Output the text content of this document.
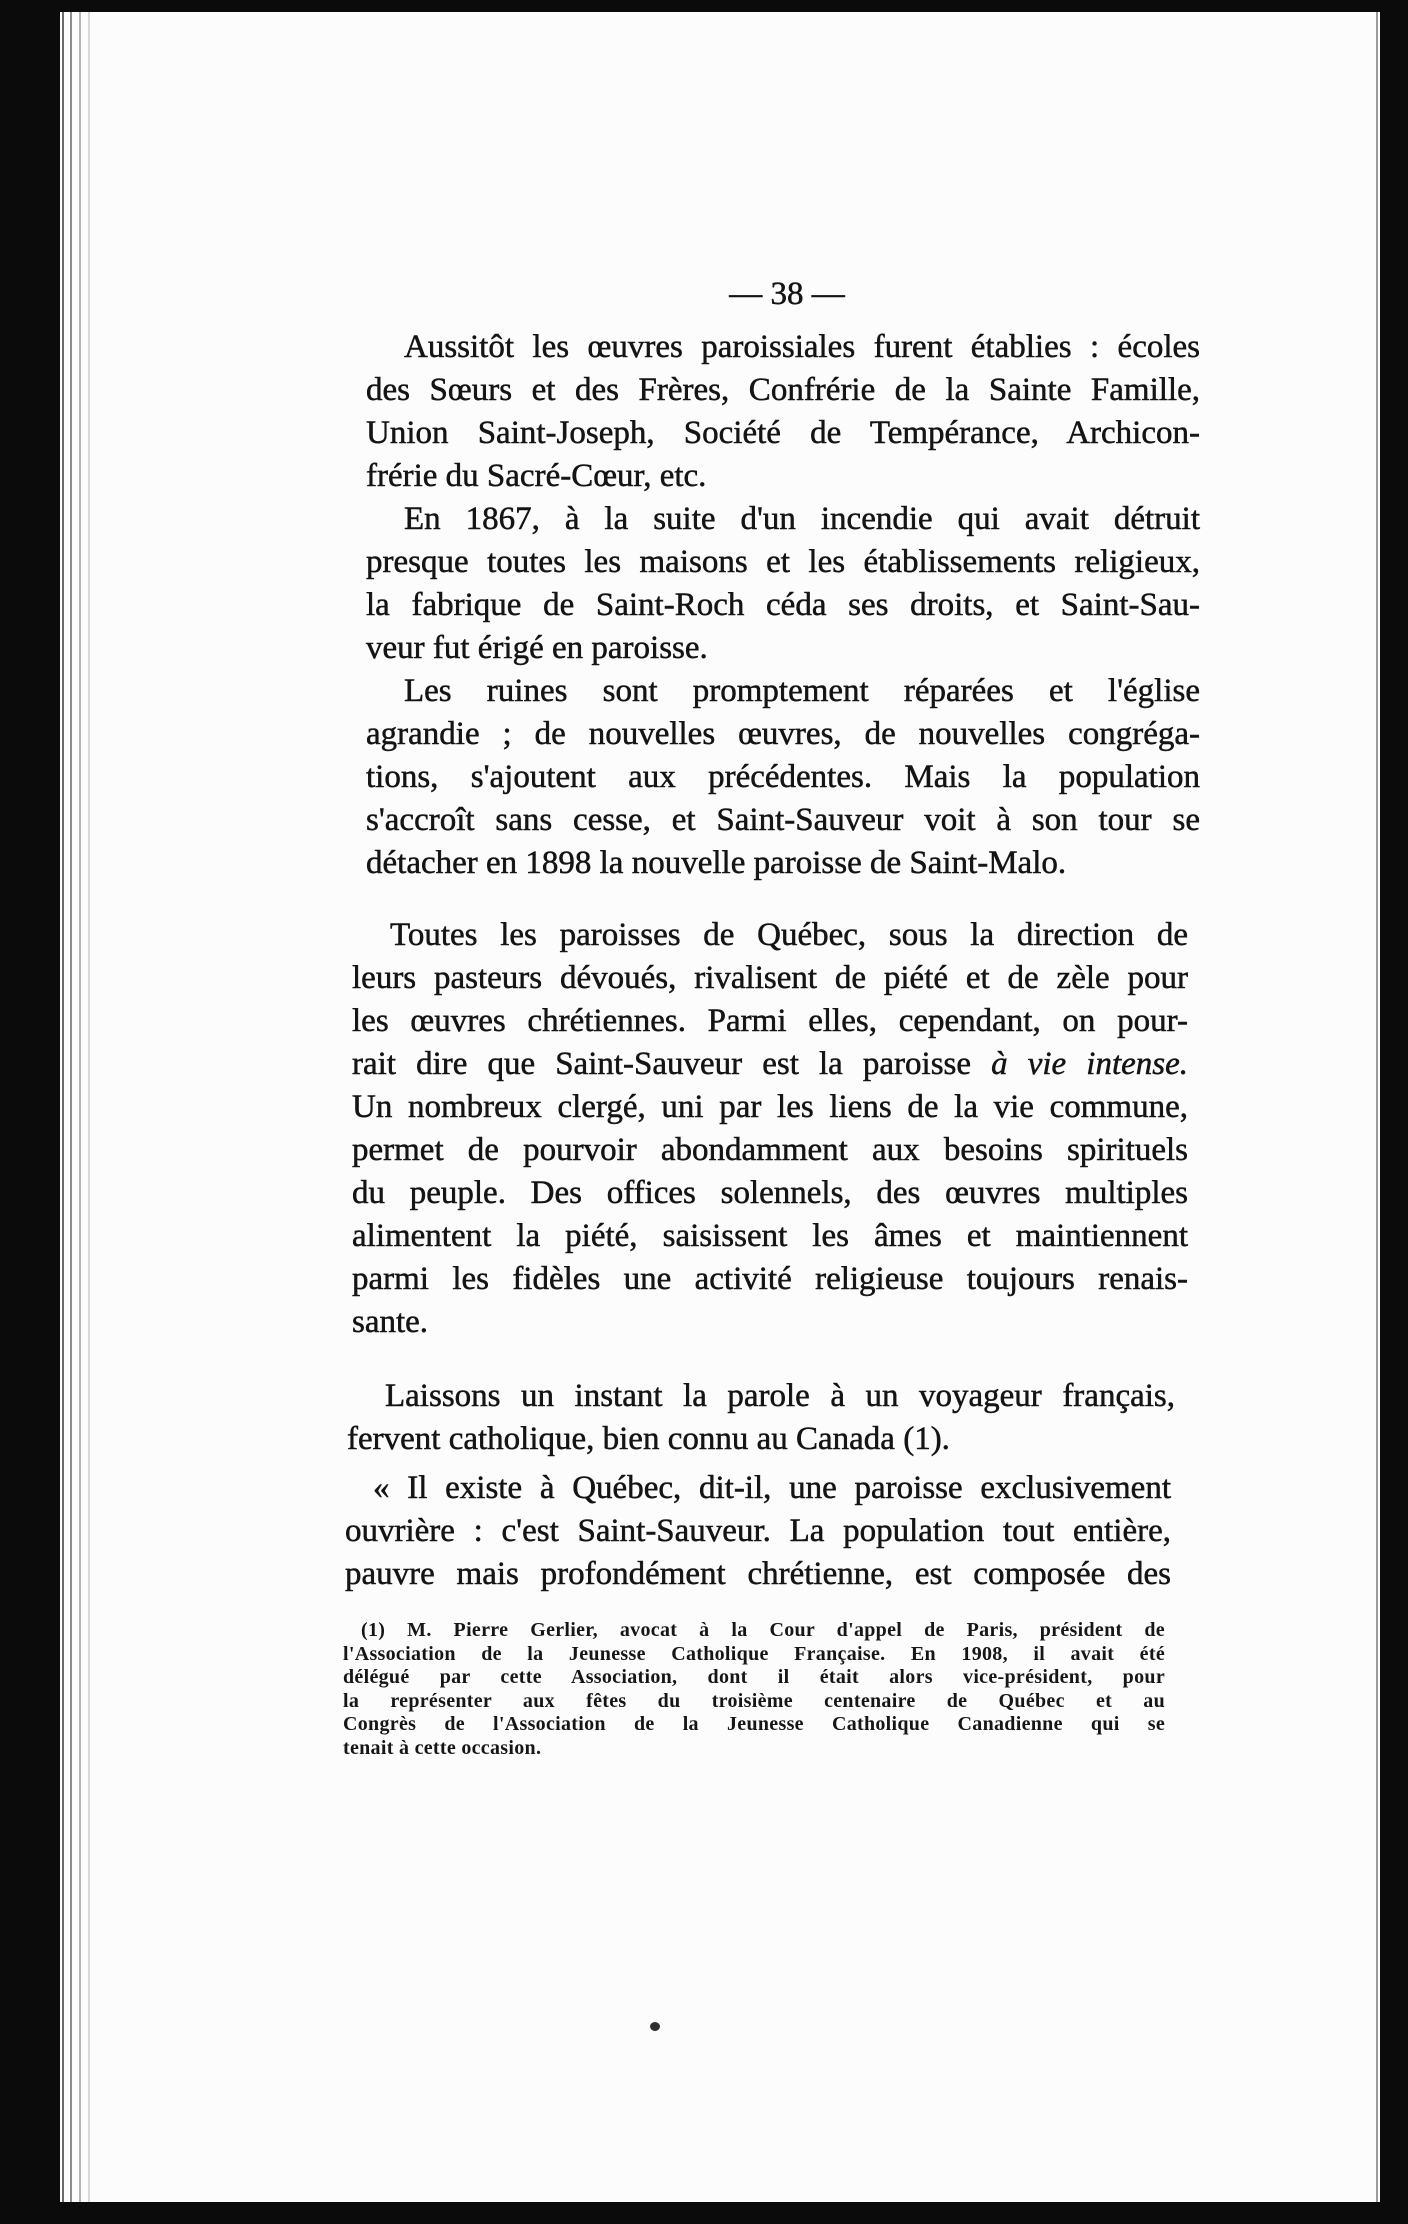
— 38 —
Aussitôt les œuvres paroissiales furent établies : écoles
des Sœurs et des Frères, Confrérie de la Sainte Famille,
Union Saint-Joseph, Société de Tempérance, Archicon-
frérie du Sacré-Cœur, etc.
En 1867, à la suite d'un incendie qui avait détruit
presque toutes les maisons et les établissements religieux,
la fabrique de Saint-Roch céda ses droits, et Saint-Sau-
veur fut érigé en paroisse.
Les ruines sont promptement réparées et l'église
agrandie ; de nouvelles œuvres, de nouvelles congréga-
tions, s'ajoutent aux précédentes. Mais la population
s'accroît sans cesse, et Saint-Sauveur voit à son tour se
détacher en 1898 la nouvelle paroisse de Saint-Malo.
Toutes les paroisses de Québec, sous la direction de
leurs pasteurs dévoués, rivalisent de piété et de zèle pour
les œuvres chrétiennes. Parmi elles, cependant, on pour-
rait dire que Saint-Sauveur est la paroisse à vie intense.
Un nombreux clergé, uni par les liens de la vie commune,
permet de pourvoir abondamment aux besoins spirituels
du peuple. Des offices solennels, des œuvres multiples
alimentent la piété, saisissent les âmes et maintiennent
parmi les fidèles une activité religieuse toujours renais-
sante.
Laissons un instant la parole à un voyageur français,
fervent catholique, bien connu au Canada (1).
« Il existe à Québec, dit-il, une paroisse exclusivement
ouvrière : c'est Saint-Sauveur. La population tout entière,
pauvre mais profondément chrétienne, est composée des
(1) M. Pierre Gerlier, avocat à la Cour d'appel de Paris, président de
l'Association de la Jeunesse Catholique Française. En 1908, il avait été
délégué par cette Association, dont il était alors vice-président, pour
la représenter aux fêtes du troisième centenaire de Québec et au
Congrès de l'Association de la Jeunesse Catholique Canadienne qui se
tenait à cette occasion.
